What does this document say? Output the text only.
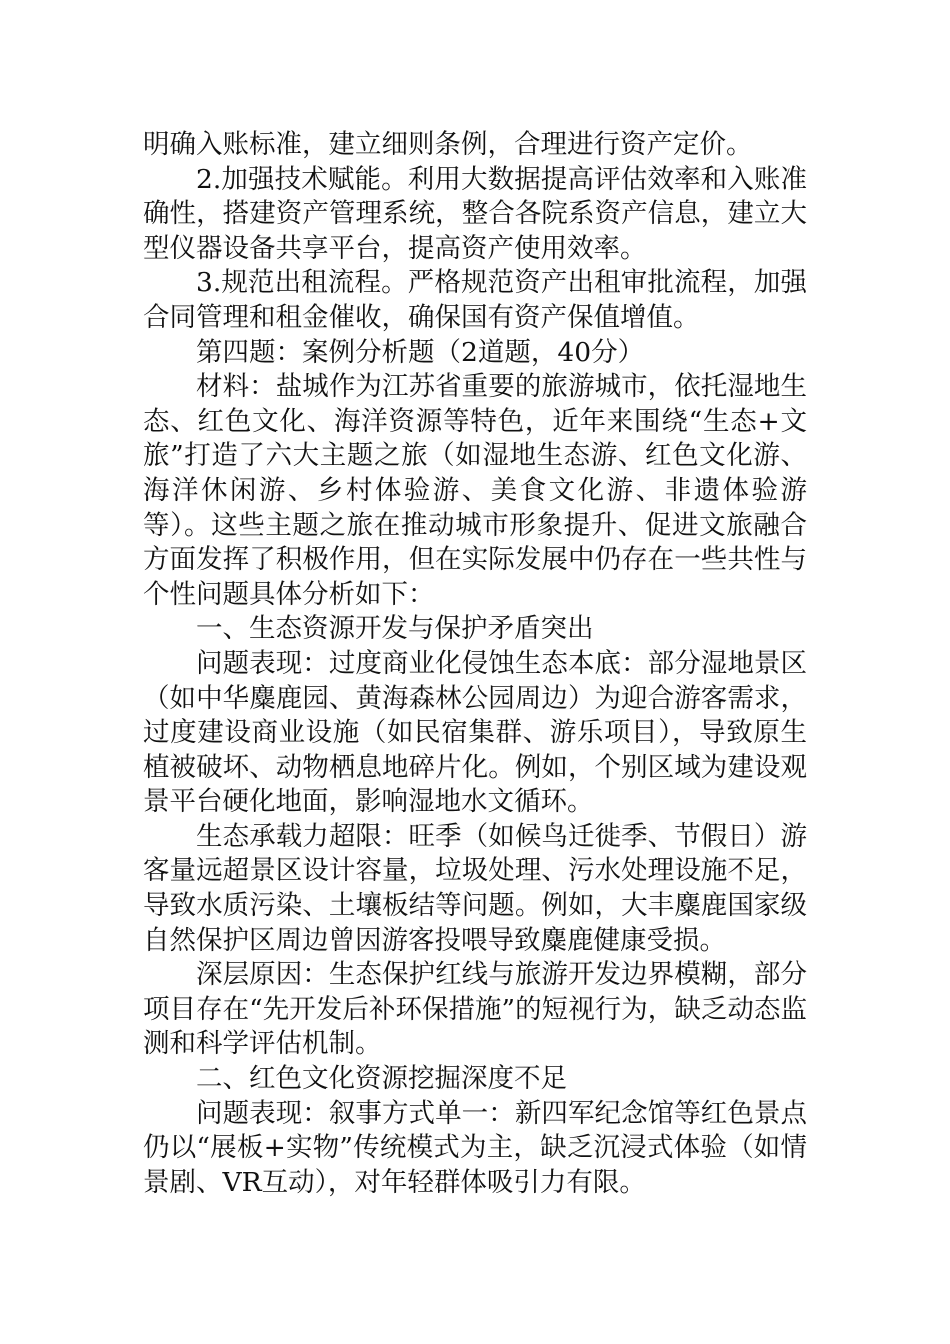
明确入账标准，建立细则条例，合理进行资产定价。

2.加强技术赋能。利用大数据提高评估效率和入账准确性，搭建资产管理系统，整合各院系资产信息，建立大型仪器设备共享平台，提高资产使用效率。

3.规范出租流程。严格规范资产出租审批流程，加强合同管理和租金催收，确保国有资产保值增值。

第四题：案例分析题（2道题，40分）

材料：盐城作为江苏省重要的旅游城市，依托湿地生态、红色文化、海洋资源等特色，近年来围绕“生态+文旅”打造了六大主题之旅（如湿地生态游、红色文化游、海洋休闲游、乡村体验游、美食文化游、非遗体验游等）。这些主题之旅在推动城市形象提升、促进文旅融合方面发挥了积极作用，但在实际发展中仍存在一些共性与个性问题具体分析如下：

一、生态资源开发与保护矛盾突出

问题表现：过度商业化侵蚀生态本底：部分湿地景区（如中华麋鹿园、黄海森林公园周边）为迎合游客需求，过度建设商业设施（如民宿集群、游乐项目），导致原生植被破坏、动物栖息地碎片化。例如，个别区域为建设观景平台硬化地面，影响湿地水文循环。

生态承载力超限：旺季（如候鸟迁徙季、节假日）游客量远超景区设计容量，垃圾处理、污水处理设施不足，导致水质污染、土壤板结等问题。例如，大丰麋鹿国家级自然保护区周边曾因游客投喂导致麋鹿健康受损。

深层原因：生态保护红线与旅游开发边界模糊，部分项目存在“先开发后补环保措施”的短视行为，缺乏动态监测和科学评估机制。

二、红色文化资源挖掘深度不足

问题表现：叙事方式单一：新四军纪念馆等红色景点仍以“展板+实物”传统模式为主，缺乏沉浸式体验（如情景剧、VR互动），对年轻群体吸引力有限。
